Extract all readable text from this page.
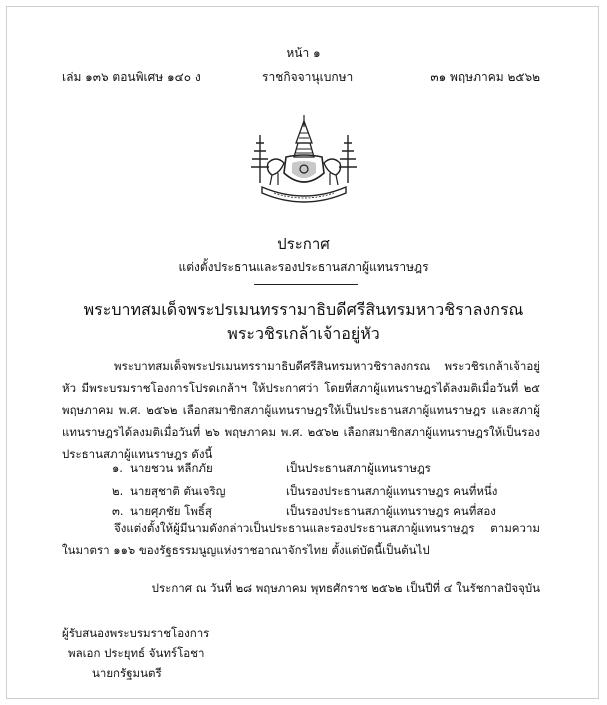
หน้า ๑
เล่ม ๑๓๖ ตอนพิเศษ ๑๔๐ ง	ราชกิจจานุเบกษา	๓๑ พฤษภาคม ๒๕๖๒
ประกาศ
แต่งตั้งประธานและรองประธานสภาผู้แทนราษฎร
พระบาทสมเด็จพระปรเมนทรรามาธิบดีศรีสินทรมหาวชิราลงกรณ
พระวชิรเกล้าเจ้าอยู่หัว

พระบาทสมเด็จพระปรเมนทรรามาธิบดีศรีสินทรมหาวชิราลงกรณ พระวชิรเกล้าเจ้าอยู่หัว มีพระบรมราชโองการโปรดเกล้าฯ ให้ประกาศว่า โดยที่สภาผู้แทนราษฎรได้ลงมติเมื่อวันที่ ๒๕ พฤษภาคม พ.ศ. ๒๕๖๒ เลือกสมาชิกสภาผู้แทนราษฎรให้เป็นประธานสภาผู้แทนราษฎร และสภาผู้แทนราษฎรได้ลงมติเมื่อวันที่ ๒๖ พฤษภาคม พ.ศ. ๒๕๖๒ เลือกสมาชิกสภาผู้แทนราษฎรให้เป็นรองประธานสภาผู้แทนราษฎร ดังนี้

๑. นายชวน หลีกภัย	เป็นประธานสภาผู้แทนราษฎร
๒. นายสุชาติ ตันเจริญ	เป็นรองประธานสภาผู้แทนราษฎร คนที่หนึ่ง
๓. นายศุภชัย โพธิ์สุ	เป็นรองประธานสภาผู้แทนราษฎร คนที่สอง

จึงแต่งตั้งให้ผู้มีนามดังกล่าวเป็นประธานและรองประธานสภาผู้แทนราษฎร ตามความในมาตรา ๑๑๖ ของรัฐธรรมนูญแห่งราชอาณาจักรไทย ตั้งแต่บัดนี้เป็นต้นไป

ประกาศ ณ วันที่ ๒๘ พฤษภาคม พุทธศักราช ๒๕๖๒ เป็นปีที่ ๔ ในรัชกาลปัจจุบัน
ผู้รับสนองพระบรมราชโองการ
พลเอก ประยุทธ์ จันทร์โอชา
นายกรัฐมนตรี
